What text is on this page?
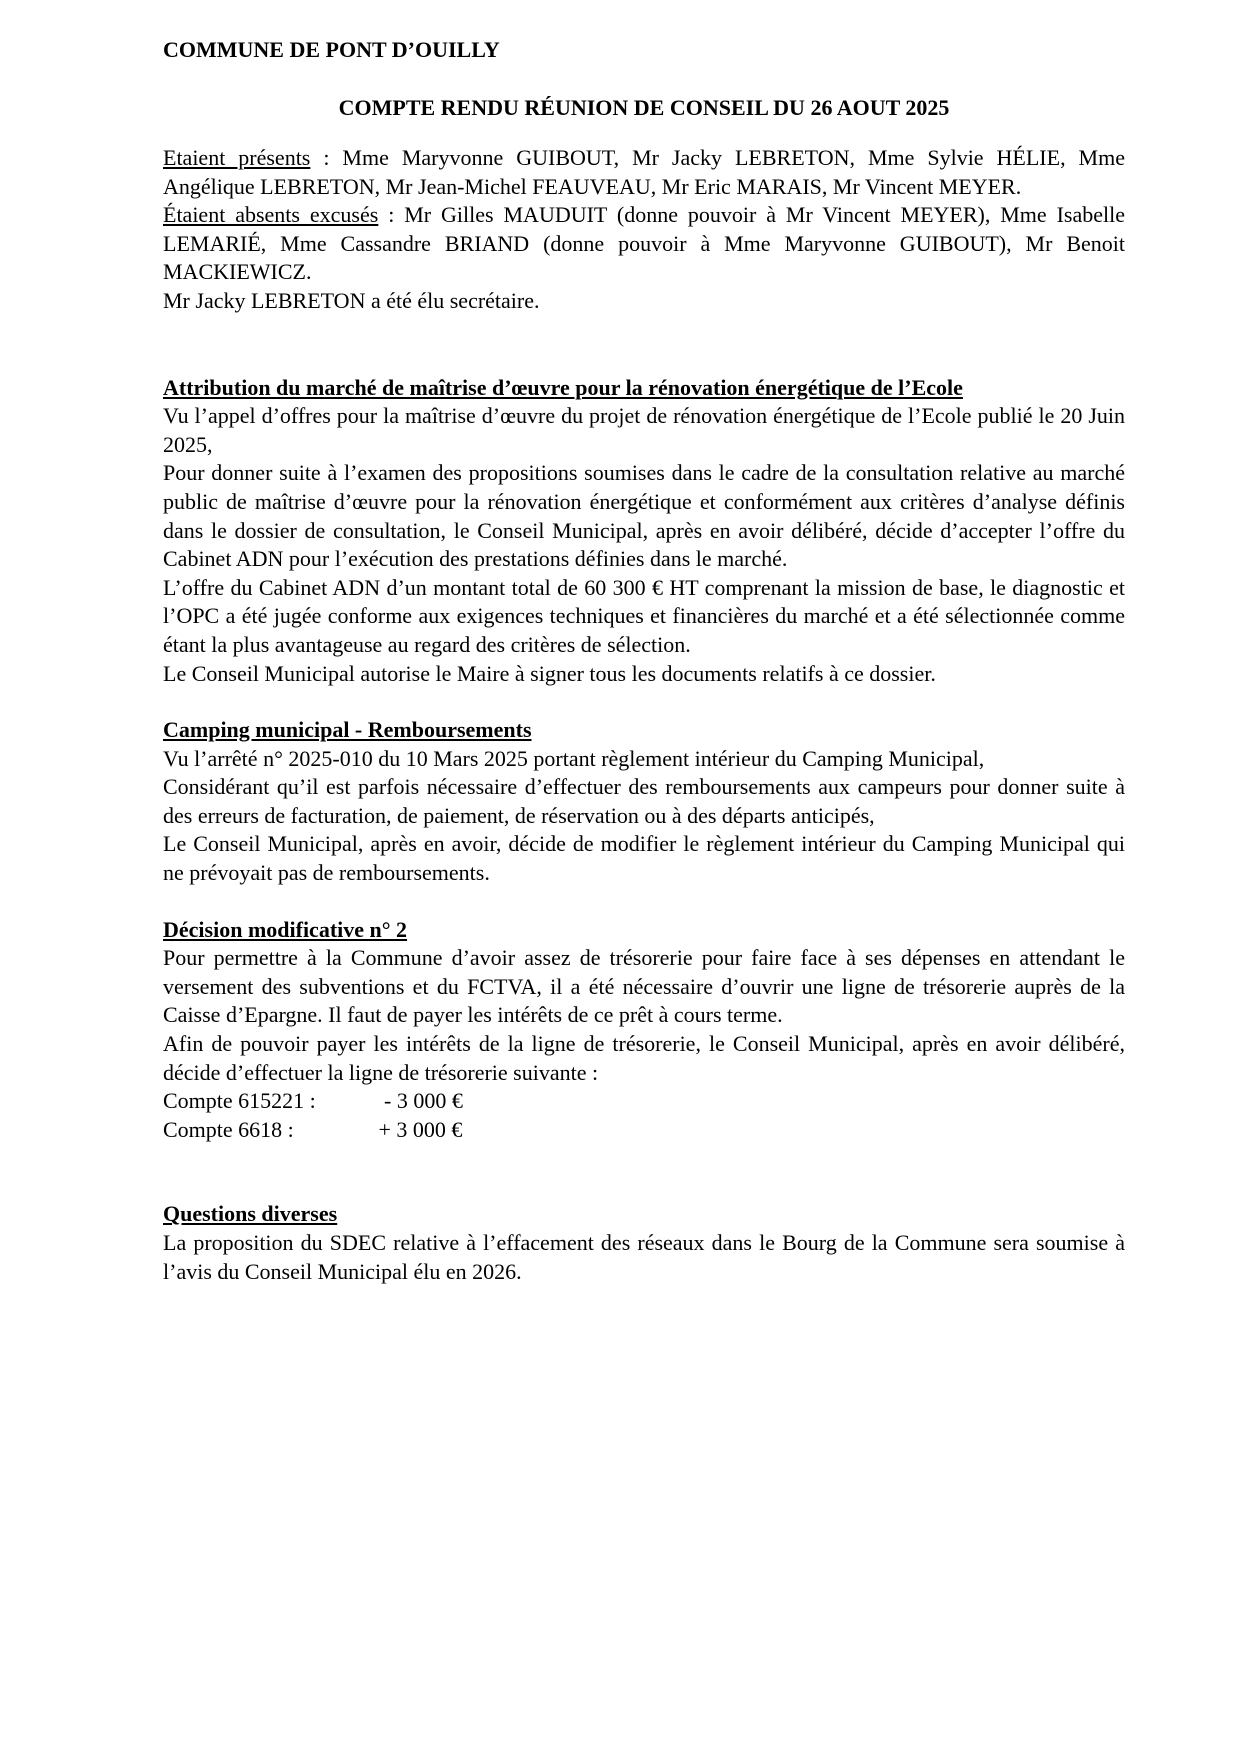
COMMUNE DE PONT D’OUILLY

COMPTE RENDU RÉUNION DE CONSEIL DU 26 AOUT 2025

Etaient présents : Mme Maryvonne GUIBOUT, Mr Jacky LEBRETON, Mme Sylvie HÉLIE, Mme Angélique LEBRETON, Mr Jean-Michel FEAUVEAU, Mr Eric MARAIS, Mr Vincent MEYER.

Étaient absents excusés : Mr Gilles MAUDUIT (donne pouvoir à Mr Vincent MEYER), Mme Isabelle LEMARIÉ, Mme Cassandre BRIAND (donne pouvoir à Mme Maryvonne GUIBOUT), Mr Benoit MACKIEWICZ.

Mr Jacky LEBRETON a été élu secrétaire.

Attribution du marché de maîtrise d’œuvre pour la rénovation énergétique de l’Ecole

Vu l’appel d’offres pour la maîtrise d’œuvre du projet de rénovation énergétique de l’Ecole publié le 20 Juin 2025,

Pour donner suite à l’examen des propositions soumises dans le cadre de la consultation relative au marché public de maîtrise d’œuvre pour la rénovation énergétique et conformément aux critères d’analyse définis dans le dossier de consultation, le Conseil Municipal, après en avoir délibéré, décide d’accepter l’offre du Cabinet ADN pour l’exécution des prestations définies dans le marché.

L’offre du Cabinet ADN d’un montant total de 60 300 € HT comprenant la mission de base, le diagnostic et l’OPC a été jugée conforme aux exigences techniques et financières du marché et a été sélectionnée comme étant la plus avantageuse au regard des critères de sélection.

Le Conseil Municipal autorise le Maire à signer tous les documents relatifs à ce dossier.

Camping municipal - Remboursements

Vu l’arrêté n° 2025-010 du 10 Mars 2025 portant règlement intérieur du Camping Municipal,

Considérant qu’il est parfois nécessaire d’effectuer des remboursements aux campeurs pour donner suite à des erreurs de facturation, de paiement, de réservation ou à des départs anticipés,

Le Conseil Municipal, après en avoir, décide de modifier le règlement intérieur du Camping Municipal qui ne prévoyait pas de remboursements.

Décision modificative n° 2

Pour permettre à la Commune d’avoir assez de trésorerie pour faire face à ses dépenses en attendant le versement des subventions et du FCTVA, il a été nécessaire d’ouvrir une ligne de trésorerie auprès de la Caisse d’Epargne. Il faut de payer les intérêts de ce prêt à cours terme.

Afin de pouvoir payer les intérêts de la ligne de trésorerie, le Conseil Municipal, après en avoir délibéré, décide d’effectuer la ligne de trésorerie suivante :

Compte 615221 :	- 3 000 €
Compte 6618 :	+ 3 000 €

Questions diverses

La proposition du SDEC relative à l’effacement des réseaux dans le Bourg de la Commune sera soumise à l’avis du Conseil Municipal élu en 2026.
